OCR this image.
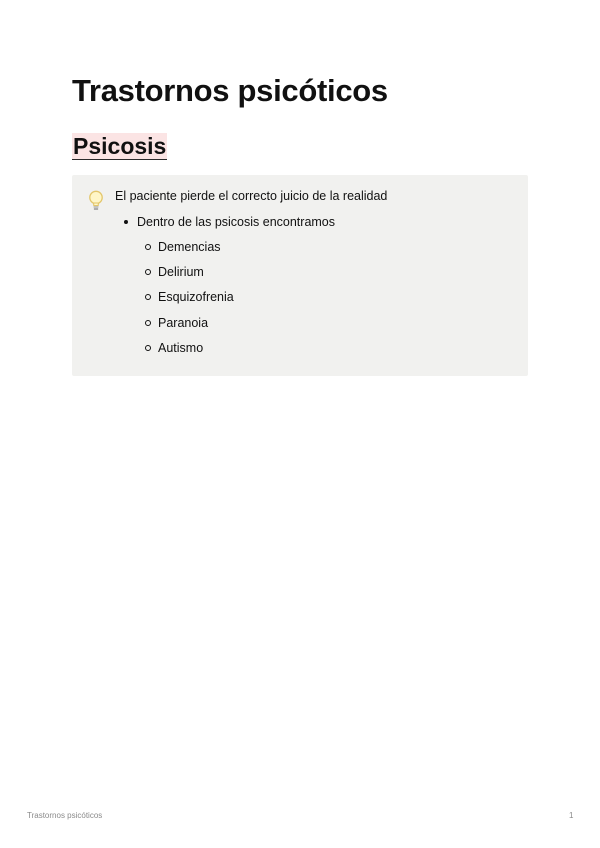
Trastornos psicóticos
Psicosis
El paciente pierde el correcto juicio de la realidad
Dentro de las psicosis encontramos
Demencias
Delirium
Esquizofrenia
Paranoia
Autismo
Trastornos psicóticos	1
